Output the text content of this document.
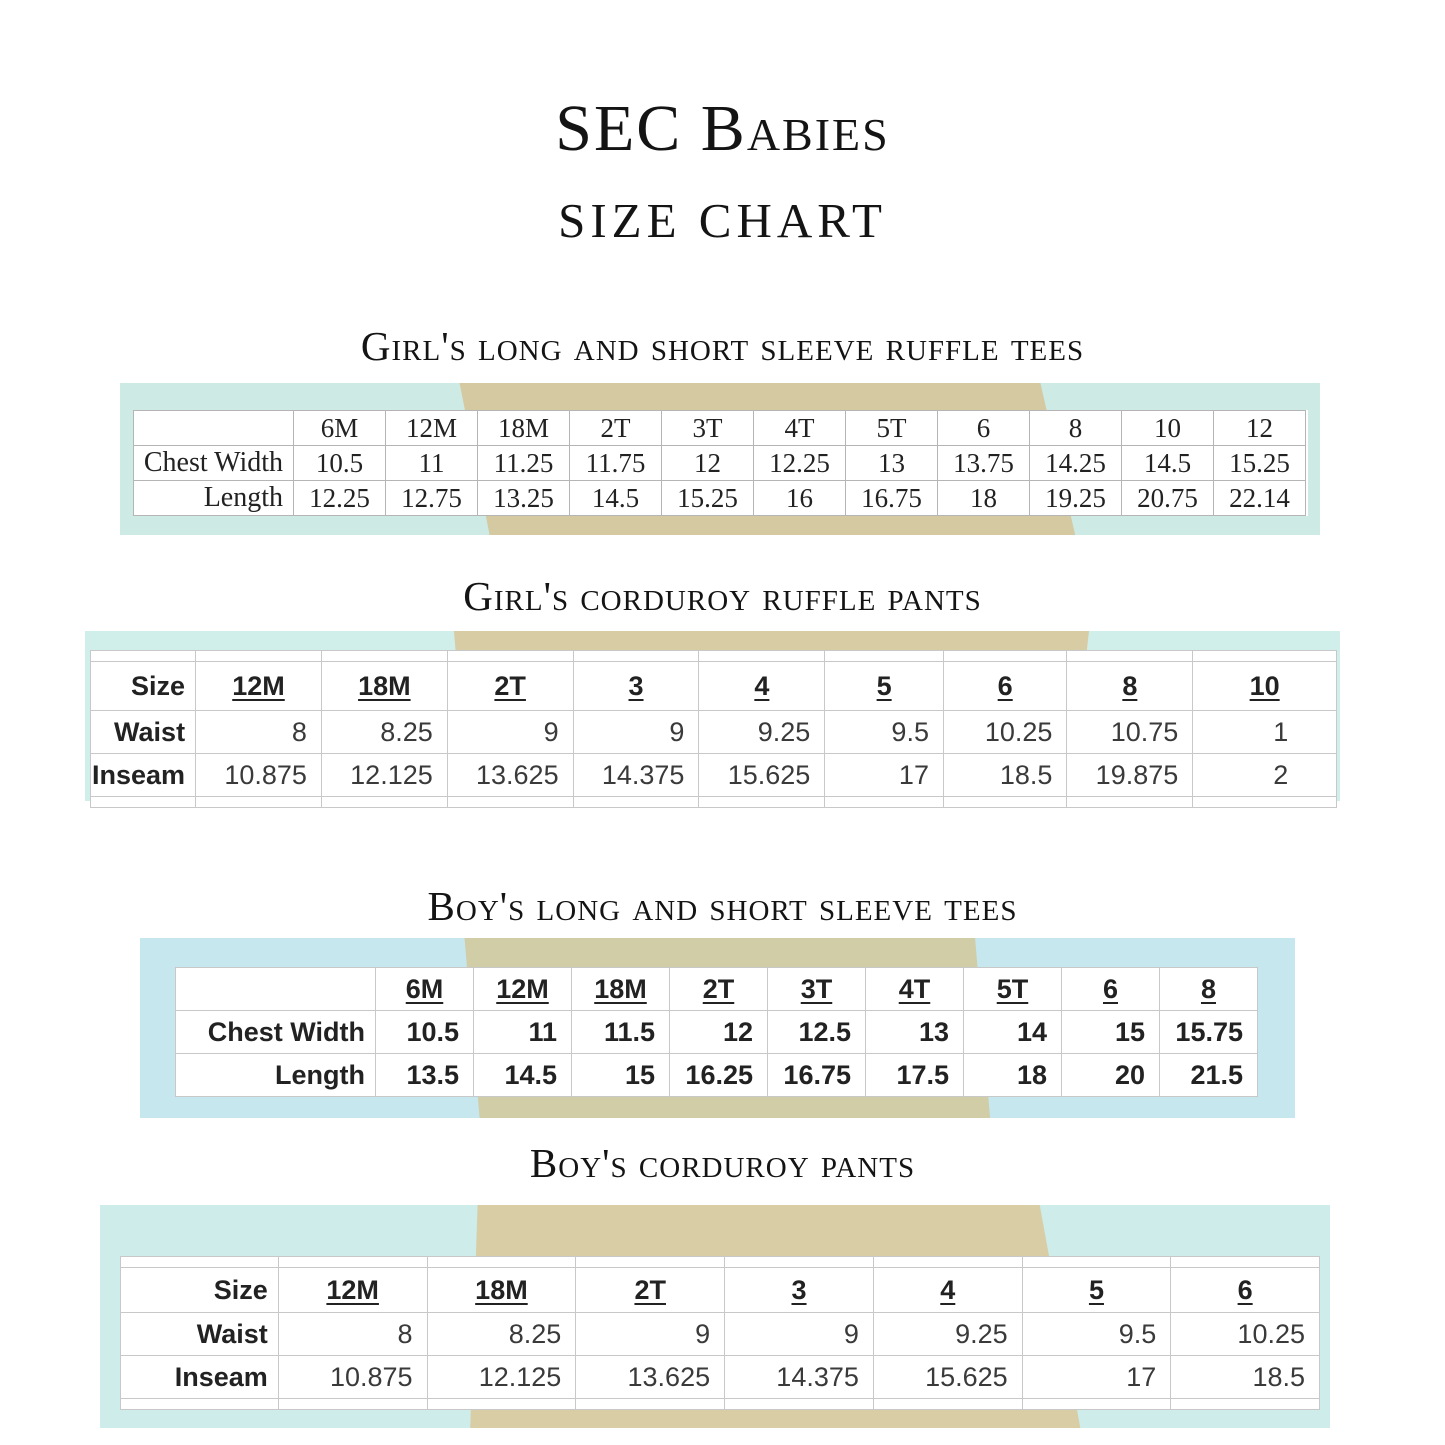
SEC Babies
SIZE CHART
Girl's long and short sleeve ruffle tees
	6M	12M	18M	2T	3T	4T	5T	6	8	10	12
Chest Width	10.5	11	11.25	11.75	12	12.25	13	13.75	14.25	14.5	15.25
Length	12.25	12.75	13.25	14.5	15.25	16	16.75	18	19.25	20.75	22.14
Girl's corduroy ruffle pants

Size	12M	18M	2T	3	4	5	6	8	10
Waist	8	8.25	9	9	9.25	9.5	10.25	10.75	1
Inseam	10.875	12.125	13.625	14.375	15.625	17	18.5	19.875	2

Boy's long and short sleeve tees
	6M	12M	18M	2T	3T	4T	5T	6	8
Chest Width	10.5	11	11.5	12	12.5	13	14	15	15.75
Length	13.5	14.5	15	16.25	16.75	17.5	18	20	21.5
Boy's corduroy pants

Size	12M	18M	2T	3	4	5	6
Waist	8	8.25	9	9	9.25	9.5	10.25
Inseam	10.875	12.125	13.625	14.375	15.625	17	18.5
